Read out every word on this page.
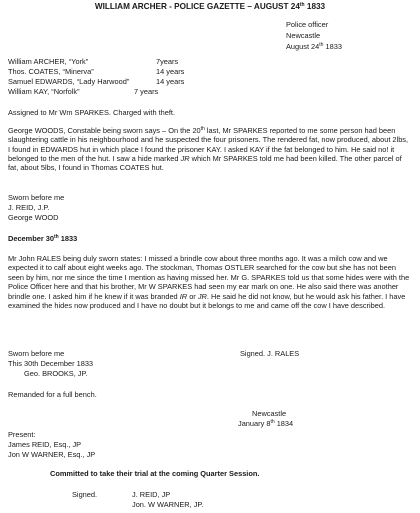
WILLIAM ARCHER - POLICE GAZETTE – AUGUST 24th 1833
Police officer
Newcastle
August 24th 1833
William ARCHER, “York”	7years
Thos. COATES, “Minerva”	14 years
Samuel EDWARDS, “Lady Harwood”	14 years
William KAY, “Norfolk”	7 years
Assigned to Mr Wm SPARKES. Charged with theft.
George WOODS, Constable being sworn says – On the 20th last, Mr SPARKES reported to me some person had been slaughtering cattle in his neighbourhood and he suspected the four prisoners. The rendered fat, now produced, about 2lbs, I found in EDWARDS hut in which place I found the prisoner KAY. I asked KAY if the fat belonged to him. He said no! it belonged to the men of the hut. I saw a hide marked JR which Mr SPARKES told me had been killed. The other parcel of fat, about 5lbs, I found in Thomas COATES hut.
Sworn before me
J. REID, J.P.
George WOOD
December 30th 1833
Mr John RALES being duly sworn states: I missed a brindle cow about three months ago. It was a milch cow and we expected it to calf about eight weeks ago. The stockman, Thomas OSTLER searched for the cow but she has not been seen by him, nor me since the time I mention as having missed her. Mr G. SPARKES told us that some hides were with the Police Officer here and that his brother, Mr W SPARKES had seen my ear mark on one. He also said there was another brindle one. I asked him if he knew if it was branded IR or JR. He said he did not know, but he would ask his father. I have examined the hides now produced and I have no doubt but it belongs to me and came off the cow I have described.
Sworn before me	Signed. J. RALES
This 30th December 1833
Geo. BROOKS, JP.
Remanded for a full bench.
Newcastle
January 8th 1834
Present:
James REID, Esq., JP
Jon W WARNER, Esq., JP
Committed to take their trial at the coming Quarter Session.
Signed.	J. REID, JP
Jon. W WARNER, JP.
